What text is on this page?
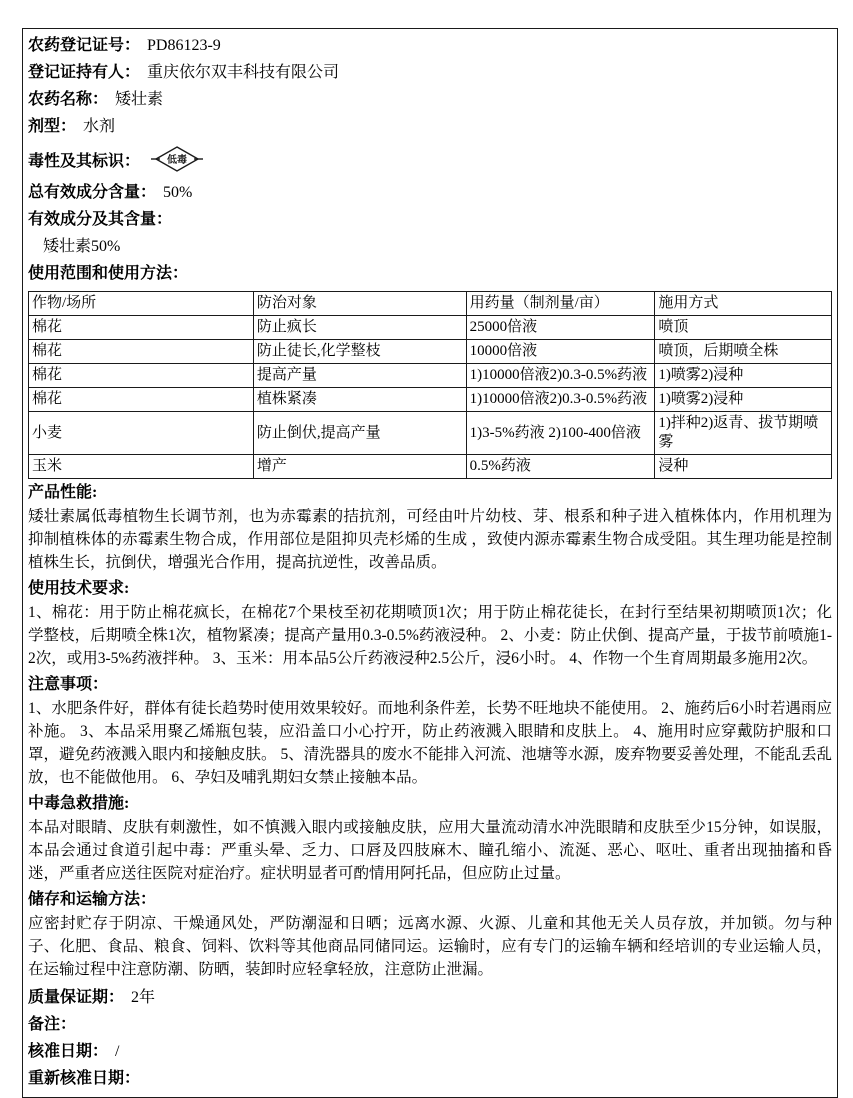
农药登记证号： PD86123-9
登记证持有人： 重庆依尔双丰科技有限公司
农药名称： 矮壮素
剂型： 水剂
毒性及其标识：	低毒
总有效成分含量： 50%
有效成分及其含量：
矮壮素50%
使用范围和使用方法：
作物/场所	防治对象	用药量（制剂量/亩）	施用方式
棉花	防止疯长	25000倍液	喷顶
棉花	防止徒长,化学整枝	10000倍液	喷顶，后期喷全株
棉花	提高产量	1)10000倍液2)0.3-0.5%药液	1)喷雾2)浸种
棉花	植株紧凑	1)10000倍液2)0.3-0.5%药液	1)喷雾2)浸种
小麦	防止倒伏,提高产量	1)3-5%药液 2)100-400倍液	1)拌种2)返青、拔节期喷雾
玉米	增产	0.5%药液	浸种
产品性能:
矮壮素属低毒植物生长调节剂，也为赤霉素的拮抗剂，可经由叶片幼枝、芽、根系和种子进入植株体内，作用机理为抑制植株体的赤霉素生物合成，作用部位是阻抑贝壳杉烯的生成 ，致使内源赤霉素生物合成受阻。其生理功能是控制植株生长，抗倒伏，增强光合作用，提高抗逆性，改善品质。
使用技术要求:
1、棉花：用于防止棉花疯长，在棉花7个果枝至初花期喷顶1次；用于防止棉花徒长，在封行至结果初期喷顶1次；化学整枝，后期喷全株1次，植物紧凑；提高产量用0.3-0.5%药液浸种。 2、小麦：防止伏倒、提高产量，于拔节前喷施1-2次，或用3-5%药液拌种。 3、玉米：用本品5公斤药液浸种2.5公斤，浸6小时。 4、作物一个生育周期最多施用2次。
注意事项：
1、水肥条件好，群体有徒长趋势时使用效果较好。而地利条件差，长势不旺地块不能使用。 2、施药后6小时若遇雨应补施。 3、本品采用聚乙烯瓶包装，应沿盖口小心拧开，防止药液溅入眼睛和皮肤上。 4、施用时应穿戴防护服和口罩，避免药液溅入眼内和接触皮肤。 5、清洗器具的废水不能排入河流、池塘等水源，废弃物要妥善处理，不能乱丢乱放，也不能做他用。 6、孕妇及哺乳期妇女禁止接触本品。
中毒急救措施:
本品对眼睛、皮肤有刺激性，如不慎溅入眼内或接触皮肤，应用大量流动清水冲洗眼睛和皮肤至少15分钟，如误服，本品会通过食道引起中毒：严重头晕、乏力、口唇及四肢麻木、瞳孔缩小、流涎、恶心、呕吐、重者出现抽搐和昏迷，严重者应送往医院对症治疗。症状明显者可酌情用阿托品，但应防止过量。
储存和运输方法：
应密封贮存于阴凉、干燥通风处，严防潮湿和日晒；远离水源、火源、儿童和其他无关人员存放，并加锁。勿与种子、化肥、食品、粮食、饲料、饮料等其他商品同储同运。运输时，应有专门的运输车辆和经培训的专业运输人员，在运输过程中注意防潮、防晒，装卸时应轻拿轻放，注意防止泄漏。
质量保证期： 2年
备注：
核准日期： /
重新核准日期：
